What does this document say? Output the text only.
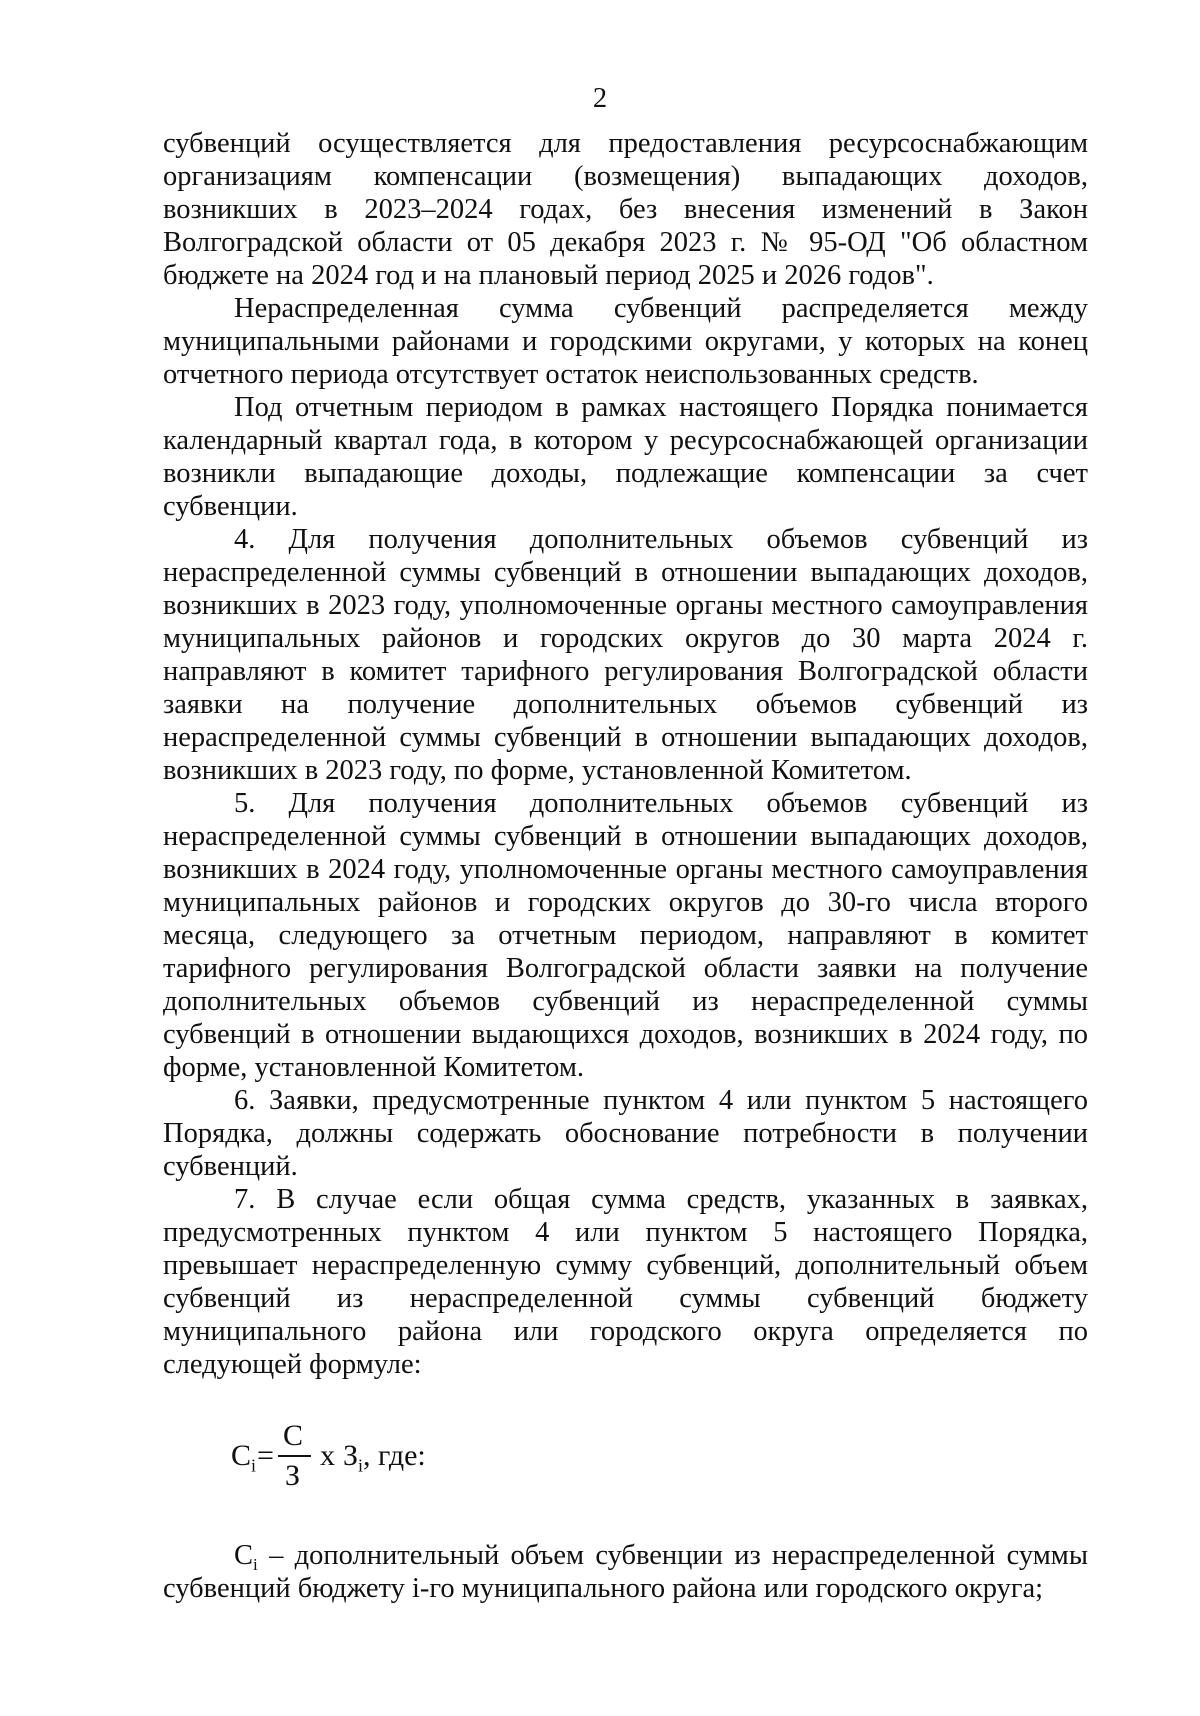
2

субвенций осуществляется для предоставления ресурсоснабжающим организациям компенсации (возмещения) выпадающих доходов, возникших в 2023–2024 годах, без внесения изменений в Закон Волгоградской области от 05 декабря 2023 г. № 95-ОД "Об областном бюджете на 2024 год и на плановый период 2025 и 2026 годов".

Нераспределенная сумма субвенций распределяется между муниципальными районами и городскими округами, у которых на конец отчетного периода отсутствует остаток неиспользованных средств.

Под отчетным периодом в рамках настоящего Порядка понимается календарный квартал года, в котором у ресурсоснабжающей организации возникли выпадающие доходы, подлежащие компенсации за счет субвенции.

4. Для получения дополнительных объемов субвенций из нераспределенной суммы субвенций в отношении выпадающих доходов, возникших в 2023 году, уполномоченные органы местного самоуправления муниципальных районов и городских округов до 30 марта 2024 г. направляют в комитет тарифного регулирования Волгоградской области заявки на получение дополнительных объемов субвенций из нераспределенной суммы субвенций в отношении выпадающих доходов, возникших в 2023 году, по форме, установленной Комитетом.

5. Для получения дополнительных объемов субвенций из нераспределенной суммы субвенций в отношении выпадающих доходов, возникших в 2024 году, уполномоченные органы местного самоуправления муниципальных районов и городских округов до 30-го числа второго месяца, следующего за отчетным периодом, направляют в комитет тарифного регулирования Волгоградской области заявки на получение дополнительных объемов субвенций из нераспределенной суммы субвенций в отношении выдающихся доходов, возникших в 2024 году, по форме, установленной Комитетом.

6. Заявки, предусмотренные пунктом 4 или пунктом 5 настоящего Порядка, должны содержать обоснование потребности в получении субвенций.

7. В случае если общая сумма средств, указанных в заявках, предусмотренных пунктом 4 или пунктом 5 настоящего Порядка, превышает нераспределенную сумму субвенций, дополнительный объем субвенций из нераспределенной суммы субвенций бюджету муниципального района или городского округа определяется по следующей формуле:

$C_i$ =
C
З
х $З_i$, где:

$C_i$ – дополнительный объем субвенции из нераспределенной суммы субвенций бюджету i-го муниципального района или городского округа;
